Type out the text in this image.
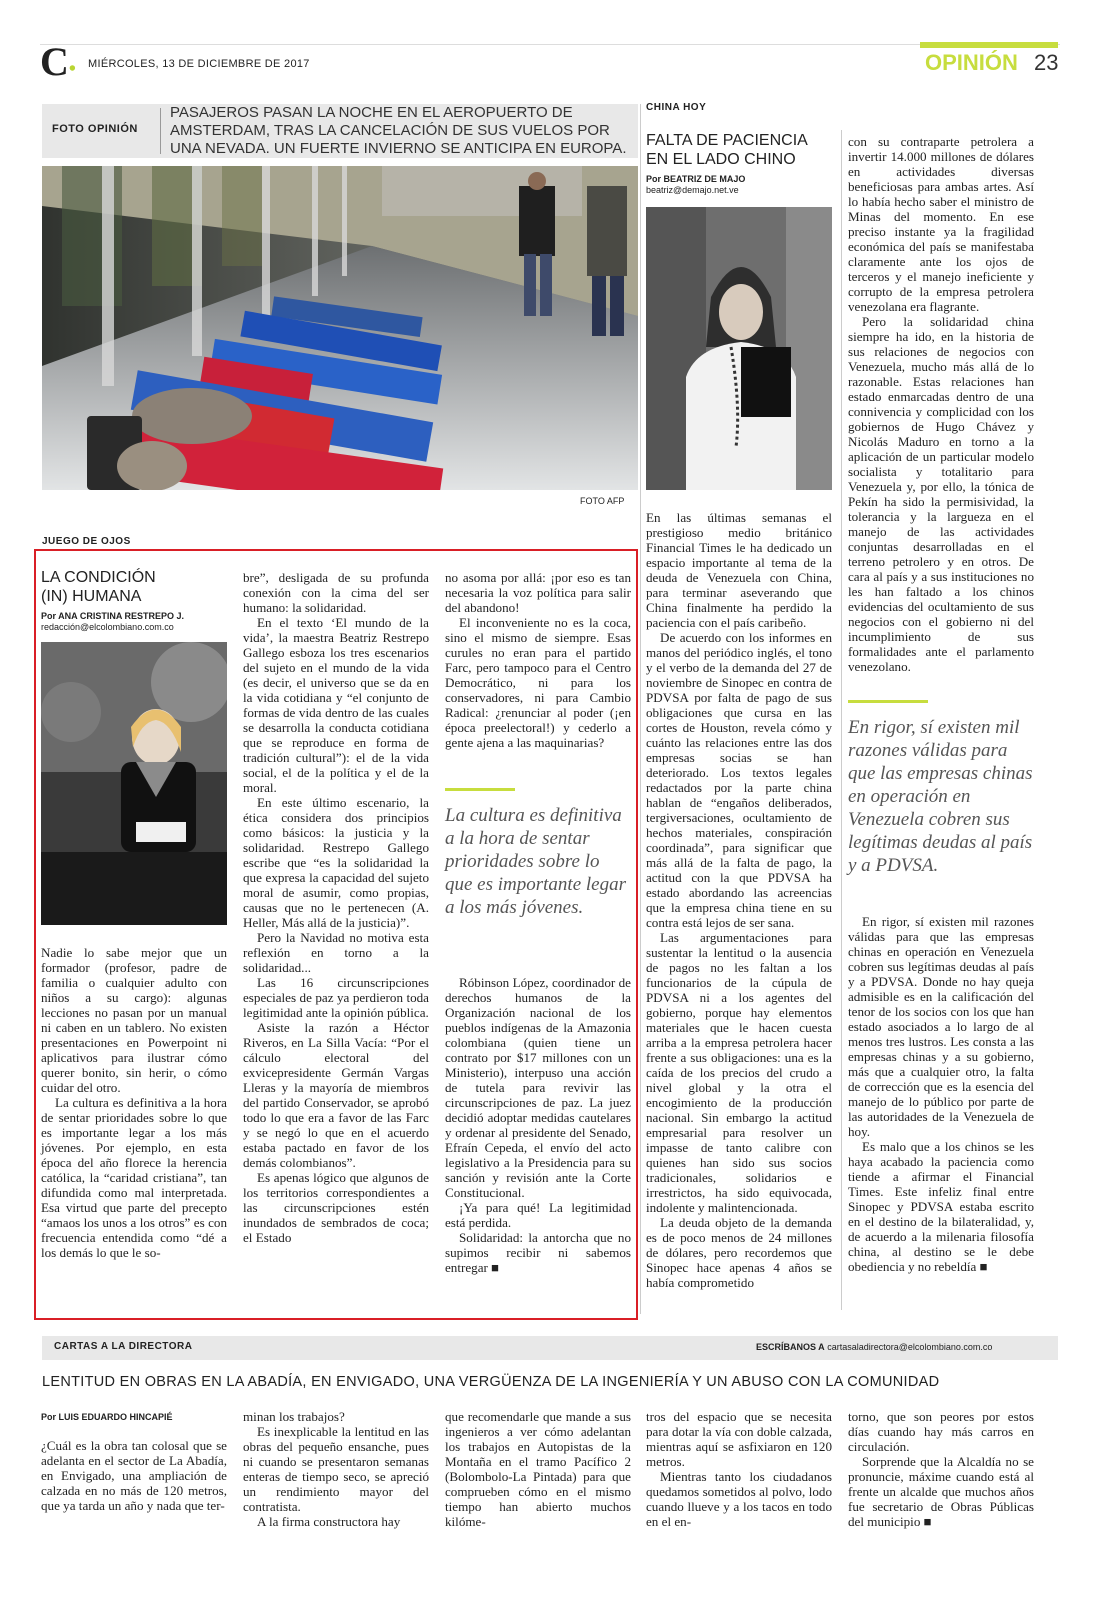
C• MIÉRCOLES, 13 DE DICIEMBRE DE 2017	OPINIÓN 23
FOTO OPINIÓN
PASAJEROS PASAN LA NOCHE EN EL AEROPUERTO DE AMSTERDAM, TRAS LA CANCELACIÓN DE SUS VUELOS POR UNA NEVADA. UN FUERTE INVIERNO SE ANTICIPA EN EUROPA.
FOTO AFP
JUEGO DE OJOS
LA CONDICIÓN
(IN) HUMANA
Por ANA CRISTINA RESTREPO J.
redacción@elcolombiano.com.co

Nadie lo sabe mejor que un formador (profesor, padre de familia o cualquier adulto con niños a su cargo): algunas lecciones no pasan por un manual ni caben en un tablero. No existen presentaciones en Powerpoint ni aplicativos para ilustrar cómo querer bonito, sin herir, o cómo cuidar del otro.

La cultura es definitiva a la hora de sentar prioridades sobre lo que es importante legar a los más jóvenes. Por ejemplo, en esta época del año florece la herencia católica, la “caridad cristiana”, tan difundida como mal interpretada. Esa virtud que parte del precepto “amaos los unos a los otros” es con frecuencia entendida como “dé a los demás lo que le so-

bre”, desligada de su profunda conexión con la cima del ser humano: la solidaridad.

En el texto ‘El mundo de la vida’, la maestra Beatriz Restrepo Gallego esboza los tres escenarios del sujeto en el mundo de la vida (es decir, el universo que se da en la vida cotidiana y “el conjunto de formas de vida dentro de las cuales se desarrolla la conducta cotidiana que se reproduce en forma de tradición cultural”): el de la vida social, el de la política y el de la moral.

En este último escenario, la ética considera dos principios como básicos: la justicia y la solidaridad. Restrepo Gallego escribe que “es la solidaridad la que expresa la capacidad del sujeto moral de asumir, como propias, causas que no le pertenecen (A. Heller, Más allá de la justicia)”.

Pero la Navidad no motiva esta reflexión en torno a la solidaridad...

Las 16 circunscripciones especiales de paz ya perdieron toda legitimidad ante la opinión pública.

Asiste la razón a Héctor Riveros, en La Silla Vacía: “Por el cálculo electoral del exvicepresidente Germán Vargas Lleras y la mayoría de miembros del partido Conservador, se aprobó todo lo que era a favor de las Farc y se negó lo que en el acuerdo estaba pactado en favor de los demás colombianos”.

Es apenas lógico que algunos de los territorios correspondientes a las circunscripciones estén inundados de sembrados de coca; el Estado

no asoma por allá: ¡por eso es tan necesaria la voz política para salir del abandono!

El inconveniente no es la coca, sino el mismo de siempre. Esas curules no eran para el partido Farc, pero tampoco para el Centro Democrático, ni para los conservadores, ni para Cambio Radical: ¿renunciar al poder (¡en época preelectoral!) y cederlo a gente ajena a las maquinarias?

La cultura es definitiva a la hora de sentar prioridades sobre lo que es importante legar a los más jóvenes.

Róbinson López, coordinador de derechos humanos de la Organización nacional de los pueblos indígenas de la Amazonia colombiana (quien tiene un contrato por $17 millones con un Ministerio), interpuso una acción de tutela para revivir las circunscripciones de paz. La juez decidió adoptar medidas cautelares y ordenar al presidente del Senado, Efraín Cepeda, el envío del acto legislativo a la Presidencia para su sanción y revisión ante la Corte Constitucional.

¡Ya para qué! La legitimidad está perdida.

Solidaridad: la antorcha que no supimos recibir ni sabemos entregar ■

CHINA HOY
FALTA DE PACIENCIA
EN EL LADO CHINO
Por BEATRIZ DE MAJO
beatriz@demajo.net.ve

En las últimas semanas el prestigioso medio británico Financial Times le ha dedicado un espacio importante al tema de la deuda de Venezuela con China, para terminar aseverando que China finalmente ha perdido la paciencia con el país caribeño.

De acuerdo con los informes en manos del periódico inglés, el tono y el verbo de la demanda del 27 de noviembre de Sinopec en contra de PDVSA por falta de pago de sus obligaciones que cursa en las cortes de Houston, revela cómo y cuánto las relaciones entre las dos empresas socias se han deteriorado. Los textos legales redactados por la parte china hablan de “engaños deliberados, tergiversaciones, ocultamiento de hechos materiales, conspiración coordinada”, para significar que más allá de la falta de pago, la actitud con la que PDVSA ha estado abordando las acreencias que la empresa china tiene en su contra está lejos de ser sana.

Las argumentaciones para sustentar la lentitud o la ausencia de pagos no les faltan a los funcionarios de la cúpula de PDVSA ni a los agentes del gobierno, porque hay elementos materiales que le hacen cuesta arriba a la empresa petrolera hacer frente a sus obligaciones: una es la caída de los precios del crudo a nivel global y la otra el encogimiento de la producción nacional. Sin embargo la actitud empresarial para resolver un impasse de tanto calibre con quienes han sido sus socios tradicionales, solidarios e irrestrictos, ha sido equivocada, indolente y malintencionada.

La deuda objeto de la demanda es de poco menos de 24 millones de dólares, pero recordemos que Sinopec hace apenas 4 años se había comprometido

con su contraparte petrolera a invertir 14.000 millones de dólares en actividades diversas beneficiosas para ambas artes. Así lo había hecho saber el ministro de Minas del momento. En ese preciso instante ya la fragilidad económica del país se manifestaba claramente ante los ojos de terceros y el manejo ineficiente y corrupto de la empresa petrolera venezolana era flagrante.

Pero la solidaridad china siempre ha ido, en la historia de sus relaciones de negocios con Venezuela, mucho más allá de lo razonable. Estas relaciones han estado enmarcadas dentro de una connivencia y complicidad con los gobiernos de Hugo Chávez y Nicolás Maduro en torno a la aplicación de un particular modelo socialista y totalitario para Venezuela y, por ello, la tónica de Pekín ha sido la permisividad, la tolerancia y la largueza en el manejo de las actividades conjuntas desarrolladas en el terreno petrolero y en otros. De cara al país y a sus instituciones no les han faltado a los chinos evidencias del ocultamiento de sus negocios con el gobierno ni del incumplimiento de sus formalidades ante el parlamento venezolano.

En rigor, sí existen mil razones válidas para que las empresas chinas en operación en Venezuela cobren sus legítimas deudas al país y a PDVSA.

En rigor, sí existen mil razones válidas para que las empresas chinas en operación en Venezuela cobren sus legítimas deudas al país y a PDVSA. Donde no hay queja admisible es en la calificación del tenor de los socios con los que han estado asociados a lo largo de al menos tres lustros. Les consta a las empresas chinas y a su gobierno, más que a cualquier otro, la falta de corrección que es la esencia del manejo de lo público por parte de las autoridades de la Venezuela de hoy.

Es malo que a los chinos se les haya acabado la paciencia como tiende a afirmar el Financial Times. Este infeliz final entre Sinopec y PDVSA estaba escrito en el destino de la bilateralidad, y, de acuerdo a la milenaria filosofía china, al destino se le debe obediencia y no rebeldía ■

CARTAS A LA DIRECTORA	ESCRÍBANOS A cartasaladirectora@elcolombiano.com.co
LENTITUD EN OBRAS EN LA ABADÍA, EN ENVIGADO, UNA VERGÜENZA DE LA INGENIERÍA Y UN ABUSO CON LA COMUNIDAD
Por LUIS EDUARDO HINCAPIÉ

¿Cuál es la obra tan colosal que se adelanta en el sector de La Abadía, en Envigado, una ampliación de calzada en no más de 120 metros, que ya tarda un año y nada que ter-

minan los trabajos?

Es inexplicable la lentitud en las obras del pequeño ensanche, pues ni cuando se presentaron semanas enteras de tiempo seco, se apreció un rendimiento mayor del contratista.

A la firma constructora hay

que recomendarle que mande a sus ingenieros a ver cómo adelantan los trabajos en Autopistas de la Montaña en el tramo Pacífico 2 (Bolombolo-La Pintada) para que comprueben cómo en el mismo tiempo han abierto muchos kilóme-

tros del espacio que se necesita para dotar la vía con doble calzada, mientras aquí se asfixiaron en 120 metros.

Mientras tanto los ciudadanos quedamos sometidos al polvo, lodo cuando llueve y a los tacos en todo en el en-

torno, que son peores por estos días cuando hay más carros en circulación.

Sorprende que la Alcaldía no se pronuncie, máxime cuando está al frente un alcalde que muchos años fue secretario de Obras Públicas del municipio ■
